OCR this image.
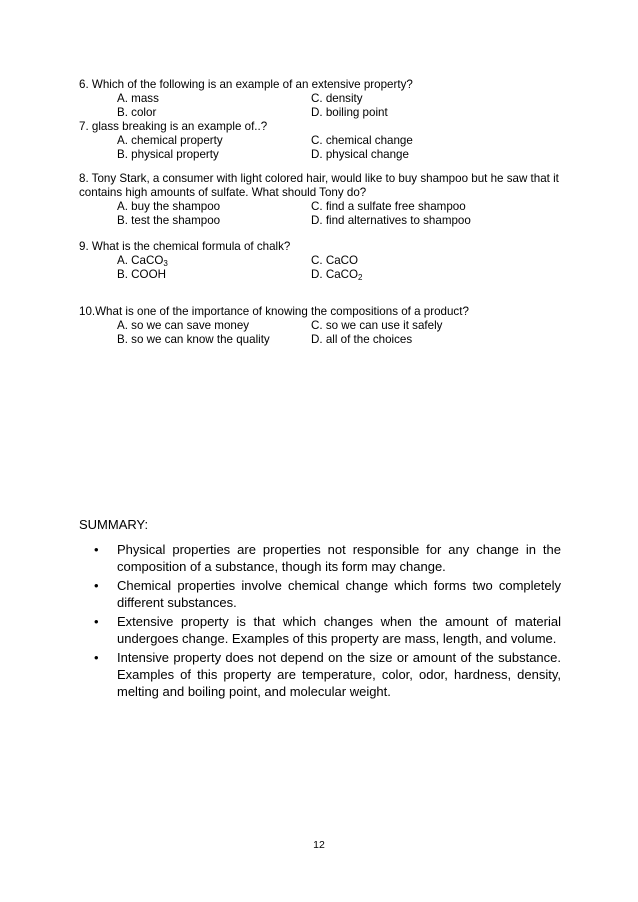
6. Which of the following is an example of an extensive property?
A. mass	C. density
B. color	D. boiling point
7. glass breaking is an example of..?
A. chemical property	C. chemical change
B. physical property	D. physical change
8. Tony Stark, a consumer with light colored hair, would like to buy shampoo but he saw that it contains high amounts of sulfate. What should Tony do?
A. buy the shampoo	C. find a sulfate free shampoo
B. test the shampoo	D. find alternatives to shampoo
9. What is the chemical formula of chalk?
A. CaCO$_3$	C. CaCO
B. COOH	D. CaCO$_2$
10.What is one of the importance of knowing the compositions of a product?
A. so we can save money	C. so we can use it safely
B. so we can know the quality	D. all of the choices
SUMMARY:
• Physical properties are properties not responsible for any change in the composition of a substance, though its form may change.
• Chemical properties involve chemical change which forms two completely different substances.
• Extensive property is that which changes when the amount of material undergoes change. Examples of this property are mass, length, and volume.
• Intensive property does not depend on the size or amount of the substance. Examples of this property are temperature, color, odor, hardness, density, melting and boiling point, and molecular weight.
12
